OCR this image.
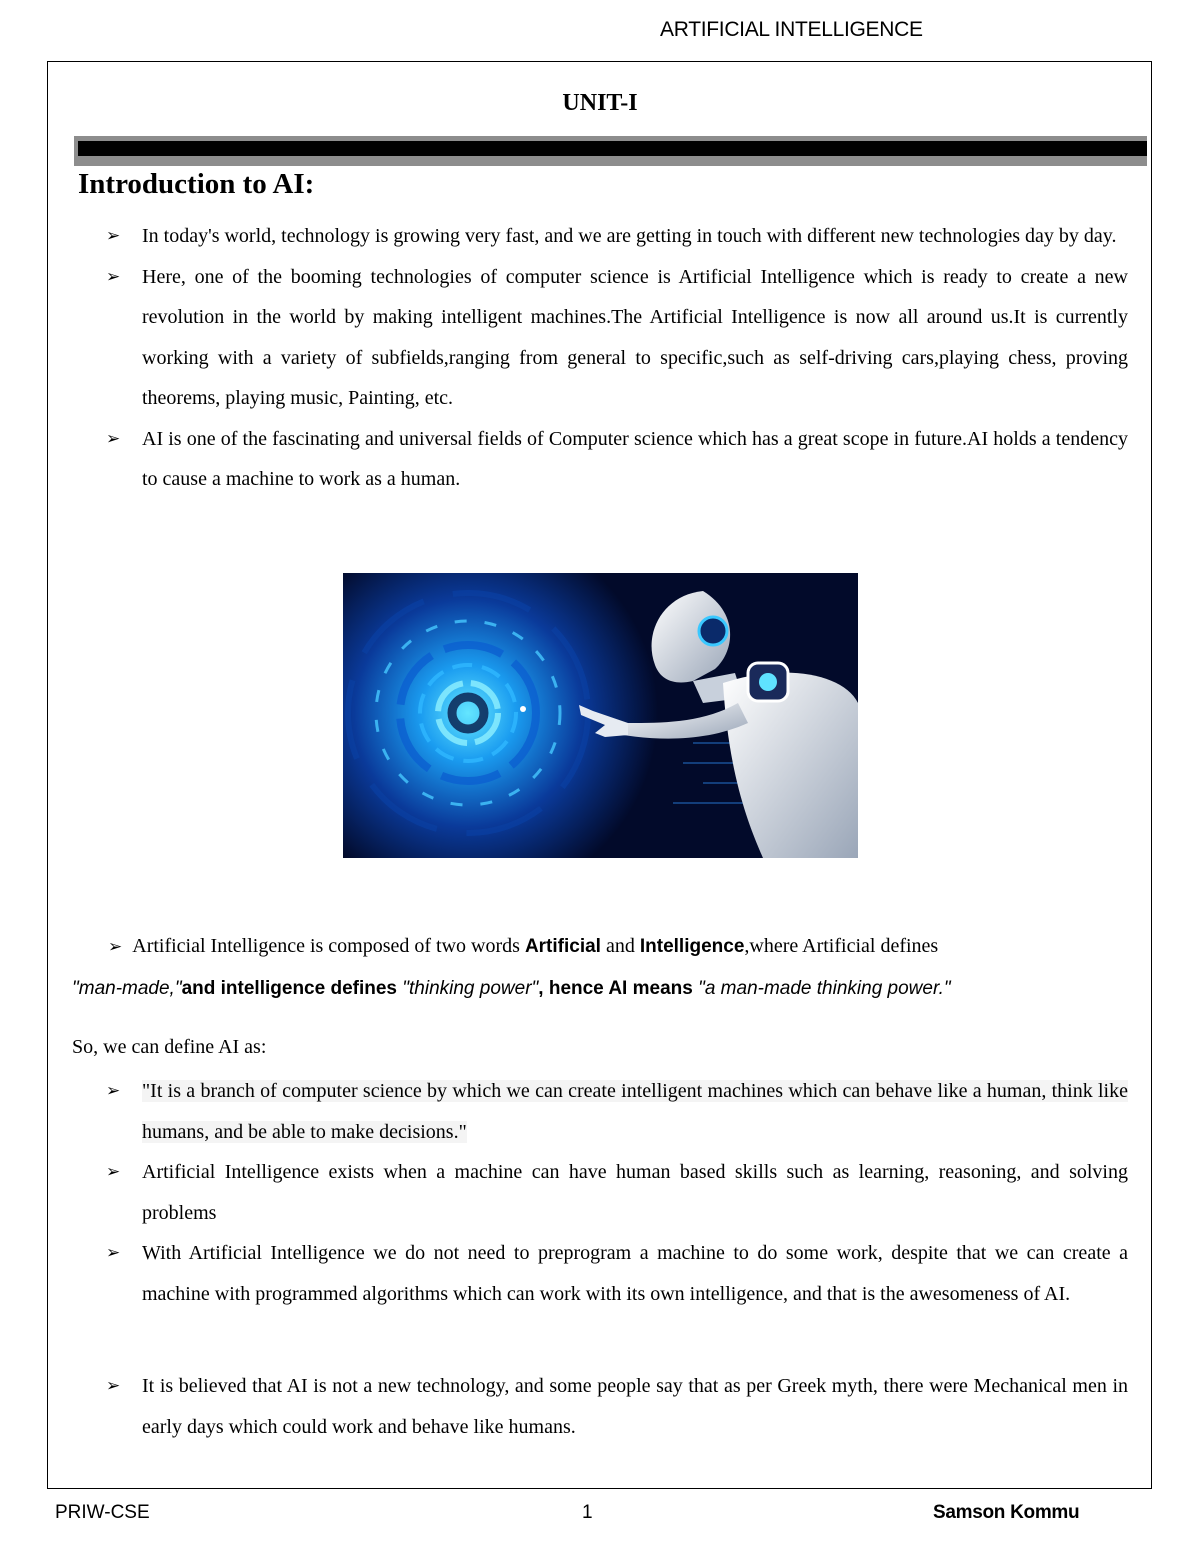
ARTIFICIAL INTELLIGENCE
UNIT-I
Introduction to AI:
➢ In today's world, technology is growing very fast, and we are getting in touch with different new technologies day by day.
➢ Here, one of the booming technologies of computer science is Artificial Intelligence which is ready to create a new revolution in the world by making intelligent machines.The Artificial Intelligence is now all around us.It is currently working with a variety of subfields,ranging from general to specific,such as self-driving cars,playing chess, proving theorems, playing music, Painting, etc.
➢ AI is one of the fascinating and universal fields of Computer science which has a great scope in future.AI holds a tendency to cause a machine to work as a human.
➢ Artificial Intelligence is composed of two words Artificial and Intelligence,where Artificial defines
"man-made,"and intelligence defines "thinking power", hence AI means "a man-made thinking power."
So, we can define AI as:
➢ "It is a branch of computer science by which we can create intelligent machines which can behave like a human, think like humans, and be able to make decisions."
➢ Artificial Intelligence exists when a machine can have human based skills such as learning, reasoning, and solving problems
➢ With Artificial Intelligence we do not need to preprogram a machine to do some work, despite that we can create a machine with programmed algorithms which can work with its own intelligence, and that is the awesomeness of AI.
➢ It is believed that AI is not a new technology, and some people say that as per Greek myth, there were Mechanical men in early days which could work and behave like humans.
PRIW-CSE	1	Samson Kommu
